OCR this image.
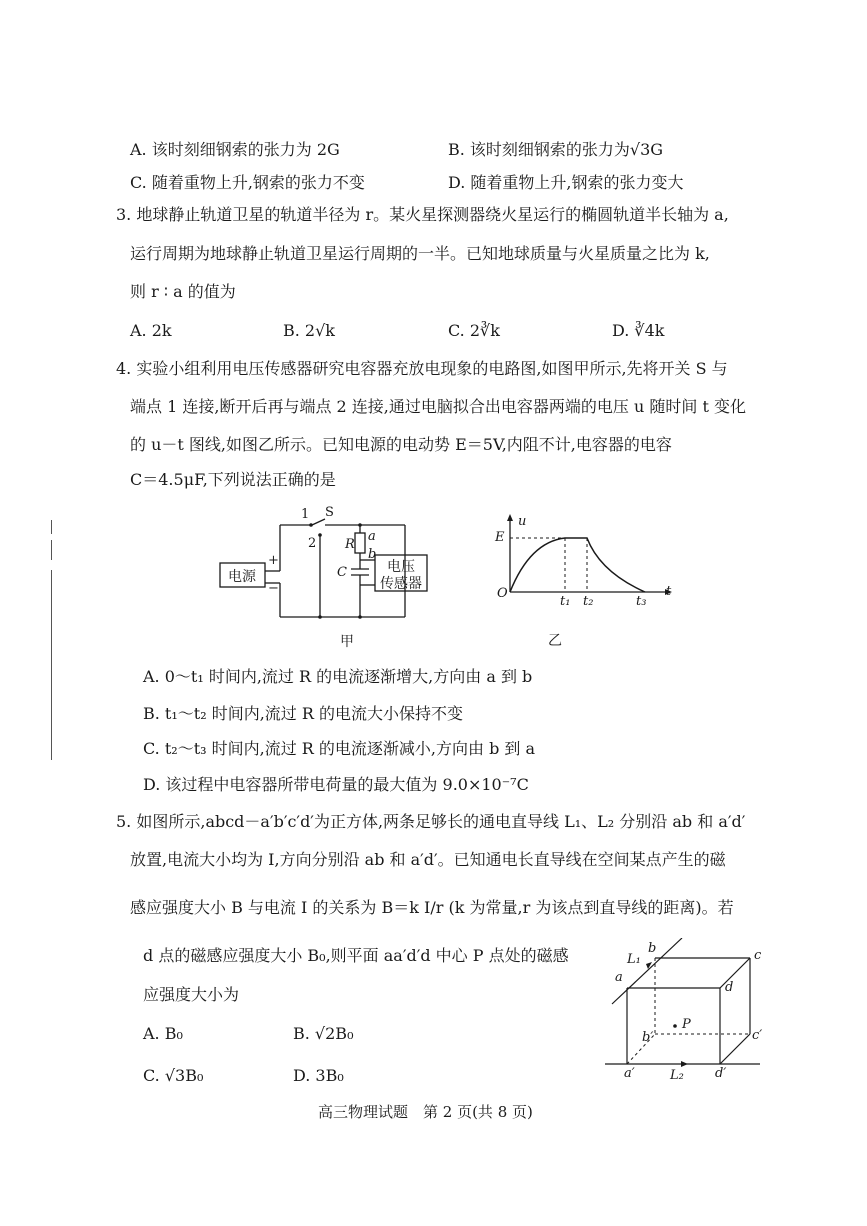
A. 该时刻细钢索的张力为 2G	B. 该时刻细钢索的张力为√3G
C. 随着重物上升,钢索的张力不变	D. 随着重物上升,钢索的张力变大
3. 地球静止轨道卫星的轨道半径为 r。某火星探测器绕火星运行的椭圆轨道半长轴为 a,
运行周期为地球静止轨道卫星运行周期的一半。已知地球质量与火星质量之比为 k,
则 r ∶ a 的值为
A. 2k	B. 2√k	C. 2∛k	D. ∛4k
4. 实验小组利用电压传感器研究电容器充放电现象的电路图,如图甲所示,先将开关 S 与
端点 1 连接,断开后再与端点 2 连接,通过电脑拟合出电容器两端的电压 u 随时间 t 变化
的 u－t 图线,如图乙所示。已知电源的电动势 E＝5V,内阻不计,电容器的电容
C＝4.5μF,下列说法正确的是
电源
+
−
1
2
S
a
b
R
C	电压
传感器
甲
u
t
E
O
t₁ t₂	t₃
乙
A. 0～t₁ 时间内,流过 R 的电流逐渐增大,方向由 a 到 b
B. t₁～t₂ 时间内,流过 R 的电流大小保持不变
C. t₂～t₃ 时间内,流过 R 的电流逐渐减小,方向由 b 到 a
D. 该过程中电容器所带电荷量的最大值为 9.0×10⁻⁷C
5. 如图所示,abcd－a′b′c′d′为正方体,两条足够长的通电直导线 L₁、L₂ 分别沿 ab 和 a′d′
放置,电流大小均为 I,方向分别沿 ab 和 a′d′。已知通电长直导线在空间某点产生的磁
感应强度大小 B 与电流 I 的关系为 B＝k I/r (k 为常量,r 为该点到直导线的距离)。若
d 点的磁感应强度大小 B₀,则平面 aa′d′d 中心 P 点处的磁感
应强度大小为
a
b	c
d
a′
b′	c′
d′
L₁
L₂
P
A. B₀	B. √2B₀
C. √3B₀	D. 3B₀
高三物理试题　第 2 页(共 8 页)
